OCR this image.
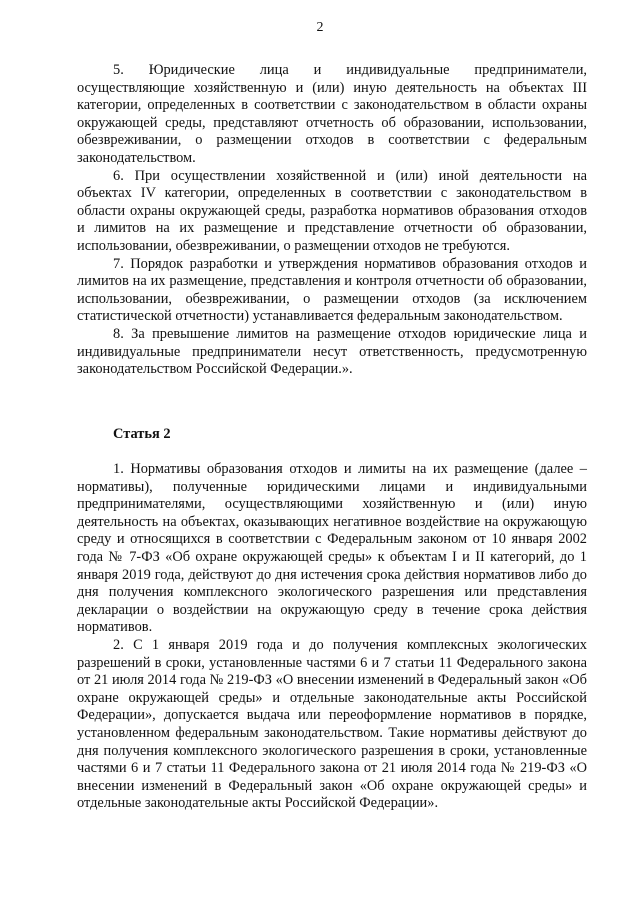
2

5. Юридические лица и индивидуальные предприниматели, осуществляющие хозяйственную и (или) иную деятельность на объектах III категории, определенных в соответствии с законодательством в области охраны окружающей среды, представляют отчетность об образовании, использовании, обезвреживании, о размещении отходов в соответствии с федеральным законодательством.

6. При осуществлении хозяйственной и (или) иной деятельности на объектах IV категории, определенных в соответствии с законодательством в области охраны окружающей среды, разработка нормативов образования отходов и лимитов на их размещение и представление отчетности об образовании, использовании, обезвреживании, о размещении отходов не требуются.

7. Порядок разработки и утверждения нормативов образования отходов и лимитов на их размещение, представления и контроля отчетности об образовании, использовании, обезвреживании, о размещении отходов (за исключением статистической отчетности) устанавливается федеральным законодательством.

8. За превышение лимитов на размещение отходов юридические лица и индивидуальные предприниматели несут ответственность, предусмотренную законодательством Российской Федерации.».

Статья 2

1. Нормативы образования отходов и лимиты на их размещение (далее – нормативы), полученные юридическими лицами и индивидуальными предпринимателями, осуществляющими хозяйственную и (или) иную деятельность на объектах, оказывающих негативное воздействие на окружающую среду и относящихся в соответствии с Федеральным законом от 10 января 2002 года № 7-ФЗ «Об охране окружающей среды» к объектам I и II категорий, до 1 января 2019 года, действуют до дня истечения срока действия нормативов либо до дня получения комплексного экологического разрешения или представления декларации о воздействии на окружающую среду в течение срока действия нормативов.

2. С 1 января 2019 года и до получения комплексных экологических разрешений в сроки, установленные частями 6 и 7 статьи 11 Федерального закона от 21 июля 2014 года № 219-ФЗ «О внесении изменений в Федеральный закон «Об охране окружающей среды» и отдельные законодательные акты Российской Федерации», допускается выдача или переоформление нормативов в порядке, установленном федеральным законодательством. Такие нормативы действуют до дня получения комплексного экологического разрешения в сроки, установленные частями 6 и 7 статьи 11 Федерального закона от 21 июля 2014 года № 219-ФЗ «О внесении изменений в Федеральный закон «Об охране окружающей среды» и отдельные законодательные акты Российской Федерации».
